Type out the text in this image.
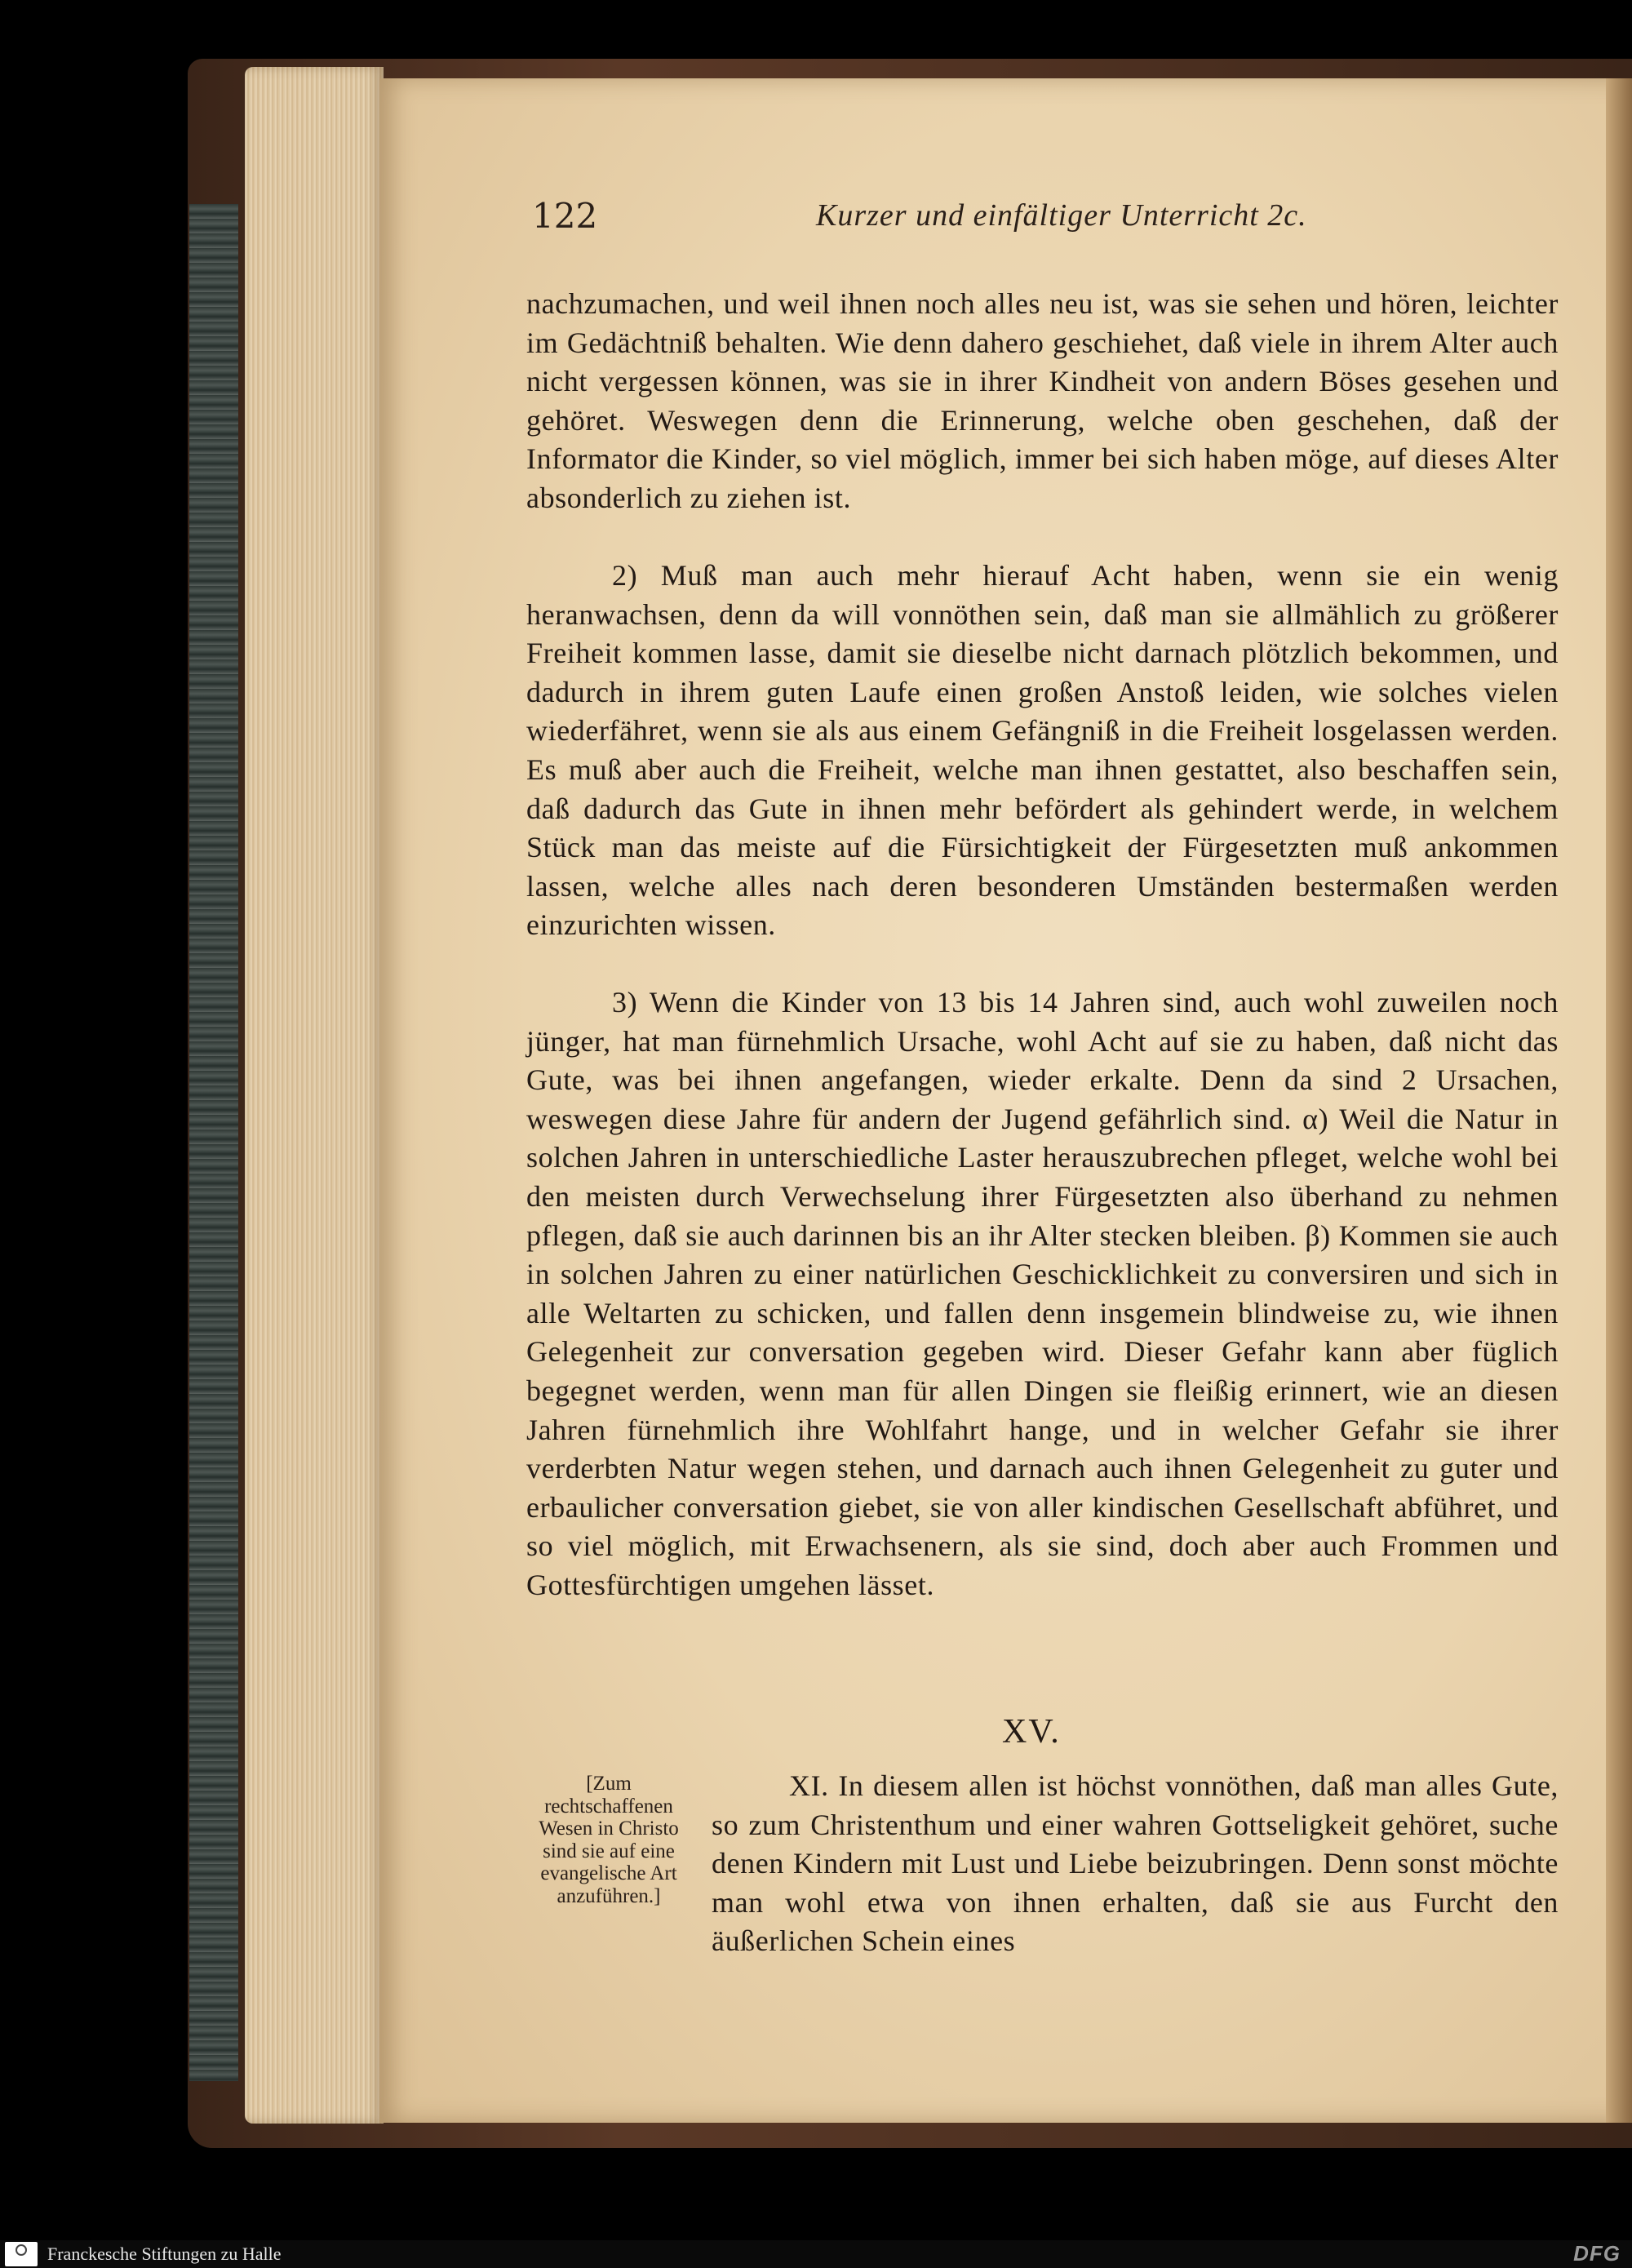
122	Kurzer und einfältiger Unterricht 2c.

nachzumachen, und weil ihnen noch alles neu ist, was sie sehen und hören, leichter im Gedächtniß behalten. Wie denn dahero geschiehet, daß viele in ihrem Alter auch nicht vergessen können, was sie in ihrer Kindheit von andern Böses gesehen und gehöret. Weswegen denn die Erinnerung, welche oben geschehen, daß der Informator die Kinder, so viel möglich, immer bei sich haben möge, auf dieses Alter absonderlich zu ziehen ist.

2) Muß man auch mehr hierauf Acht haben, wenn sie ein wenig heranwachsen, denn da will vonnöthen sein, daß man sie allmählich zu größerer Freiheit kommen lasse, damit sie dieselbe nicht darnach plötzlich bekommen, und dadurch in ihrem guten Laufe einen großen Anstoß leiden, wie solches vielen wiederfähret, wenn sie als aus einem Gefängniß in die Freiheit losgelassen werden. Es muß aber auch die Freiheit, welche man ihnen gestattet, also beschaffen sein, daß dadurch das Gute in ihnen mehr befördert als gehindert werde, in welchem Stück man das meiste auf die Fürsichtigkeit der Fürgesetzten muß ankommen lassen, welche alles nach deren besonderen Umständen bestermaßen werden einzurichten wissen.

3) Wenn die Kinder von 13 bis 14 Jahren sind, auch wohl zuweilen noch jünger, hat man fürnehmlich Ursache, wohl Acht auf sie zu haben, daß nicht das Gute, was bei ihnen angefangen, wieder erkalte. Denn da sind 2 Ursachen, weswegen diese Jahre für andern der Jugend gefährlich sind. α) Weil die Natur in solchen Jahren in unterschiedliche Laster herauszubrechen pfleget, welche wohl bei den meisten durch Verwechselung ihrer Fürgesetzten also überhand zu nehmen pflegen, daß sie auch darinnen bis an ihr Alter stecken bleiben. β) Kommen sie auch in solchen Jahren zu einer natürlichen Geschicklichkeit zu conversiren und sich in alle Weltarten zu schicken, und fallen denn insgemein blindweise zu, wie ihnen Gelegenheit zur conversation gegeben wird. Dieser Gefahr kann aber füglich begegnet werden, wenn man für allen Dingen sie fleißig erinnert, wie an diesen Jahren fürnehmlich ihre Wohlfahrt hange, und in welcher Gefahr sie ihrer verderbten Natur wegen stehen, und darnach auch ihnen Gelegenheit zu guter und erbaulicher conversation giebet, sie von aller kindischen Gesellschaft abführet, und so viel möglich, mit Erwachsenern, als sie sind, doch aber auch Frommen und Gottesfürchtigen umgehen lässet.

XV.
[Zum rechtschaffenen Wesen in Christo sind sie auf eine evangelische Art anzuführen.]

XI. In diesem allen ist höchst vonnöthen, daß man alles Gute, so zum Christenthum und einer wahren Gottseligkeit gehöret, suche denen Kindern mit Lust und Liebe beizubringen. Denn sonst möchte man wohl etwa von ihnen erhalten, daß sie aus Furcht den äußerlichen Schein eines

Franckesche Stiftungen zu Halle	DFG
